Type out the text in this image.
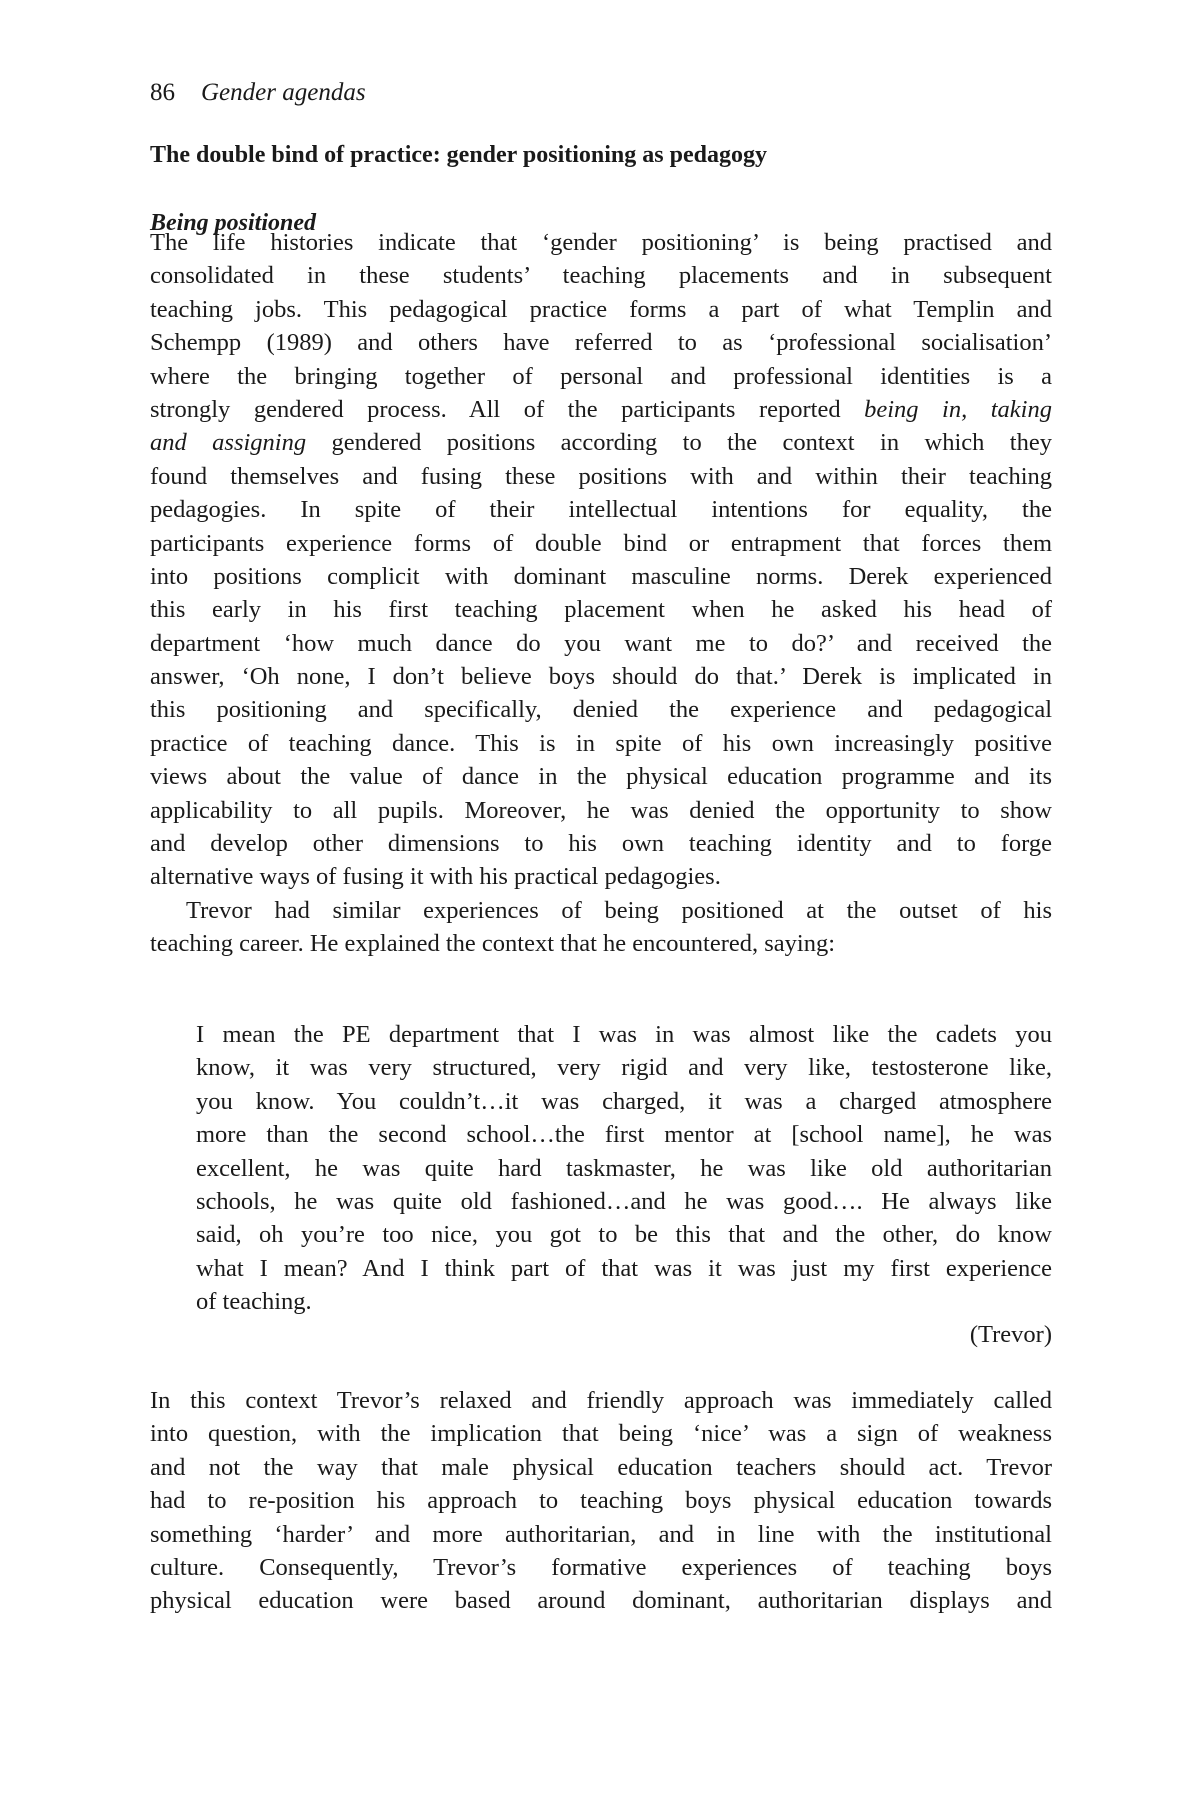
86 Gender agendas
The double bind of practice: gender positioning as pedagogy
Being positioned
The life histories indicate that ‘gender positioning’ is being practised and
consolidated in these students’ teaching placements and in subsequent
teaching jobs. This pedagogical practice forms a part of what Templin and
Schempp (1989) and others have referred to as ‘professional socialisation’
where the bringing together of personal and professional identities is a
strongly gendered process. All of the participants reported being in, taking
and assigning gendered positions according to the context in which they
found themselves and fusing these positions with and within their teaching
pedagogies. In spite of their intellectual intentions for equality, the
participants experience forms of double bind or entrapment that forces them
into positions complicit with dominant masculine norms. Derek experienced
this early in his first teaching placement when he asked his head of
department ‘how much dance do you want me to do?’ and received the
answer, ‘Oh none, I don’t believe boys should do that.’ Derek is implicated in
this positioning and specifically, denied the experience and pedagogical
practice of teaching dance. This is in spite of his own increasingly positive
views about the value of dance in the physical education programme and its
applicability to all pupils. Moreover, he was denied the opportunity to show
and develop other dimensions to his own teaching identity and to forge
alternative ways of fusing it with his practical pedagogies.
Trevor had similar experiences of being positioned at the outset of his
teaching career. He explained the context that he encountered, saying:
I mean the PE department that I was in was almost like the cadets you
know, it was very structured, very rigid and very like, testosterone like,
you know. You couldn’t…it was charged, it was a charged atmosphere
more than the second school…the first mentor at [school name], he was
excellent, he was quite hard taskmaster, he was like old authoritarian
schools, he was quite old fashioned…and he was good…. He always like
said, oh you’re too nice, you got to be this that and the other, do know
what I mean? And I think part of that was it was just my first experience
of teaching.
(Trevor)
In this context Trevor’s relaxed and friendly approach was immediately called
into question, with the implication that being ‘nice’ was a sign of weakness
and not the way that male physical education teachers should act. Trevor
had to re-position his approach to teaching boys physical education towards
something ‘harder’ and more authoritarian, and in line with the institutional
culture. Consequently, Trevor’s formative experiences of teaching boys
physical education were based around dominant, authoritarian displays and
